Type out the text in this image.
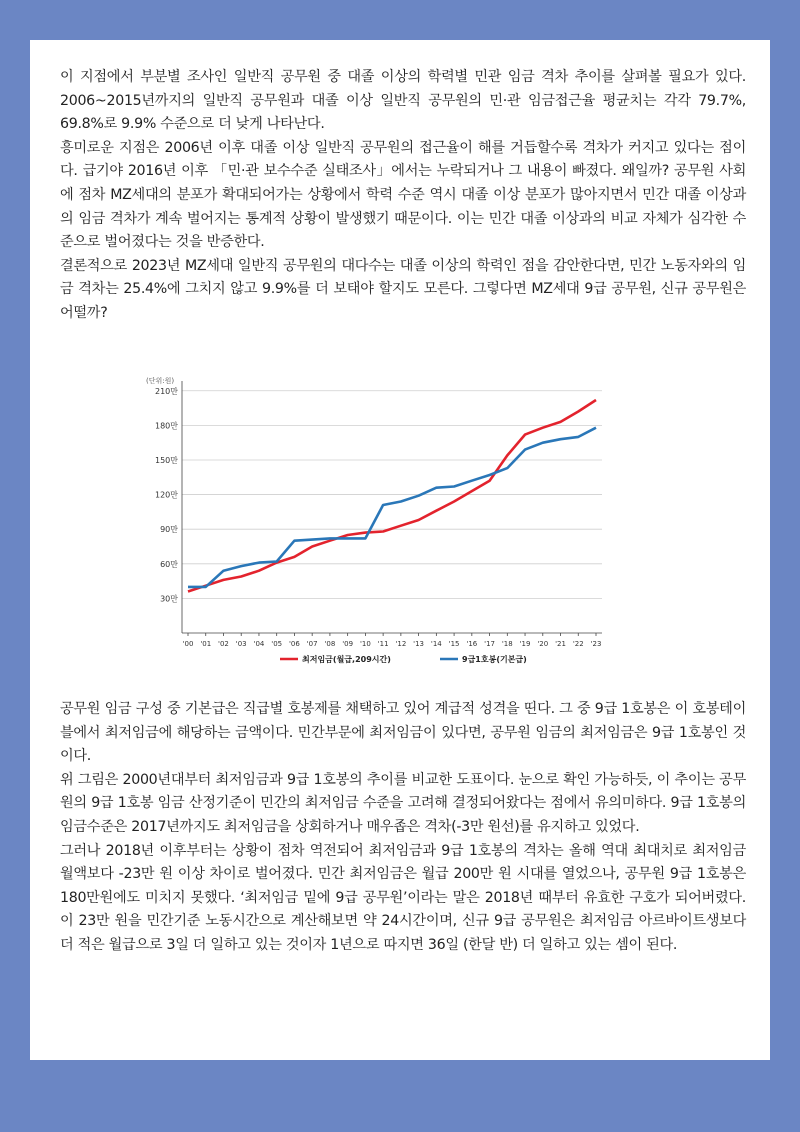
이 지점에서 부분별 조사인 일반직 공무원 중 대졸 이상의 학력별 민관 임금 격차 추이를 살펴볼 필요가 있다. 2006~2015년까지의 일반직 공무원과 대졸 이상 일반직 공무원의 민·관 임금접근율 평균치는 각각 79.7%, 69.8%로 9.9% 수준으로 더 낮게 나타난다.

흥미로운 지점은 2006년 이후 대졸 이상 일반직 공무원의 접근율이 해를 거듭할수록 격차가 커지고 있다는 점이다. 급기야 2016년 이후 「민·관 보수수준 실태조사」에서는 누락되거나 그 내용이 빠졌다. 왜일까? 공무원 사회에 점차 MZ세대의 분포가 확대되어가는 상황에서 학력 수준 역시 대졸 이상 분포가 많아지면서 민간 대졸 이상과의 임금 격차가 계속 벌어지는 통계적 상황이 발생했기 때문이다. 이는 민간 대졸 이상과의 비교 자체가 심각한 수준으로 벌어졌다는 것을 반증한다.

결론적으로 2023년 MZ세대 일반직 공무원의 대다수는 대졸 이상의 학력인 점을 감안한다면, 민간 노동자와의 임금 격차는 25.4%에 그치지 않고 9.9%를 더 보태야 할지도 모른다. 그렇다면 MZ세대 9급 공무원, 신규 공무원은 어떨까?

(단위:원)
30만
60만
90만
120만
150만
180만
210만
'00 '01 '02 '03 '04 '05 '06 '07 '08 '09 '10 '11 '12 '13 '14 '15 '16 '17 '18 '19 '20 '21 '22 '23
최저임금(월급,209시간)	9급1호봉(기본급)

공무원 임금 구성 중 기본급은 직급별 호봉제를 채택하고 있어 계급적 성격을 띤다. 그 중 9급 1호봉은 이 호봉테이블에서 최저임금에 해당하는 금액이다. 민간부문에 최저임금이 있다면, 공무원 임금의 최저임금은 9급 1호봉인 것이다.

위 그림은 2000년대부터 최저임금과 9급 1호봉의 추이를 비교한 도표이다. 눈으로 확인 가능하듯, 이 추이는 공무원의 9급 1호봉 임금 산정기준이 민간의 최저임금 수준을 고려해 결정되어왔다는 점에서 유의미하다. 9급 1호봉의 임금수준은 2017년까지도 최저임금을 상회하거나 매우좁은 격차(-3만 원선)를 유지하고 있었다.

그러나 2018년 이후부터는 상황이 점차 역전되어 최저임금과 9급 1호봉의 격차는 올해 역대 최대치로 최저임금 월액보다 -23만 원 이상 차이로 벌어졌다. 민간 최저임금은 월급 200만 원 시대를 열었으나, 공무원 9급 1호봉은 180만원에도 미치지 못했다. ‘최저임금 밑에 9급 공무원’이라는 말은 2018년 때부터 유효한 구호가 되어버렸다. 이 23만 원을 민간기준 노동시간으로 계산해보면 약 24시간이며, 신규 9급 공무원은 최저임금 아르바이트생보다 더 적은 월급으로 3일 더 일하고 있는 것이자 1년으로 따지면 36일 (한달 반) 더 일하고 있는 셈이 된다.
